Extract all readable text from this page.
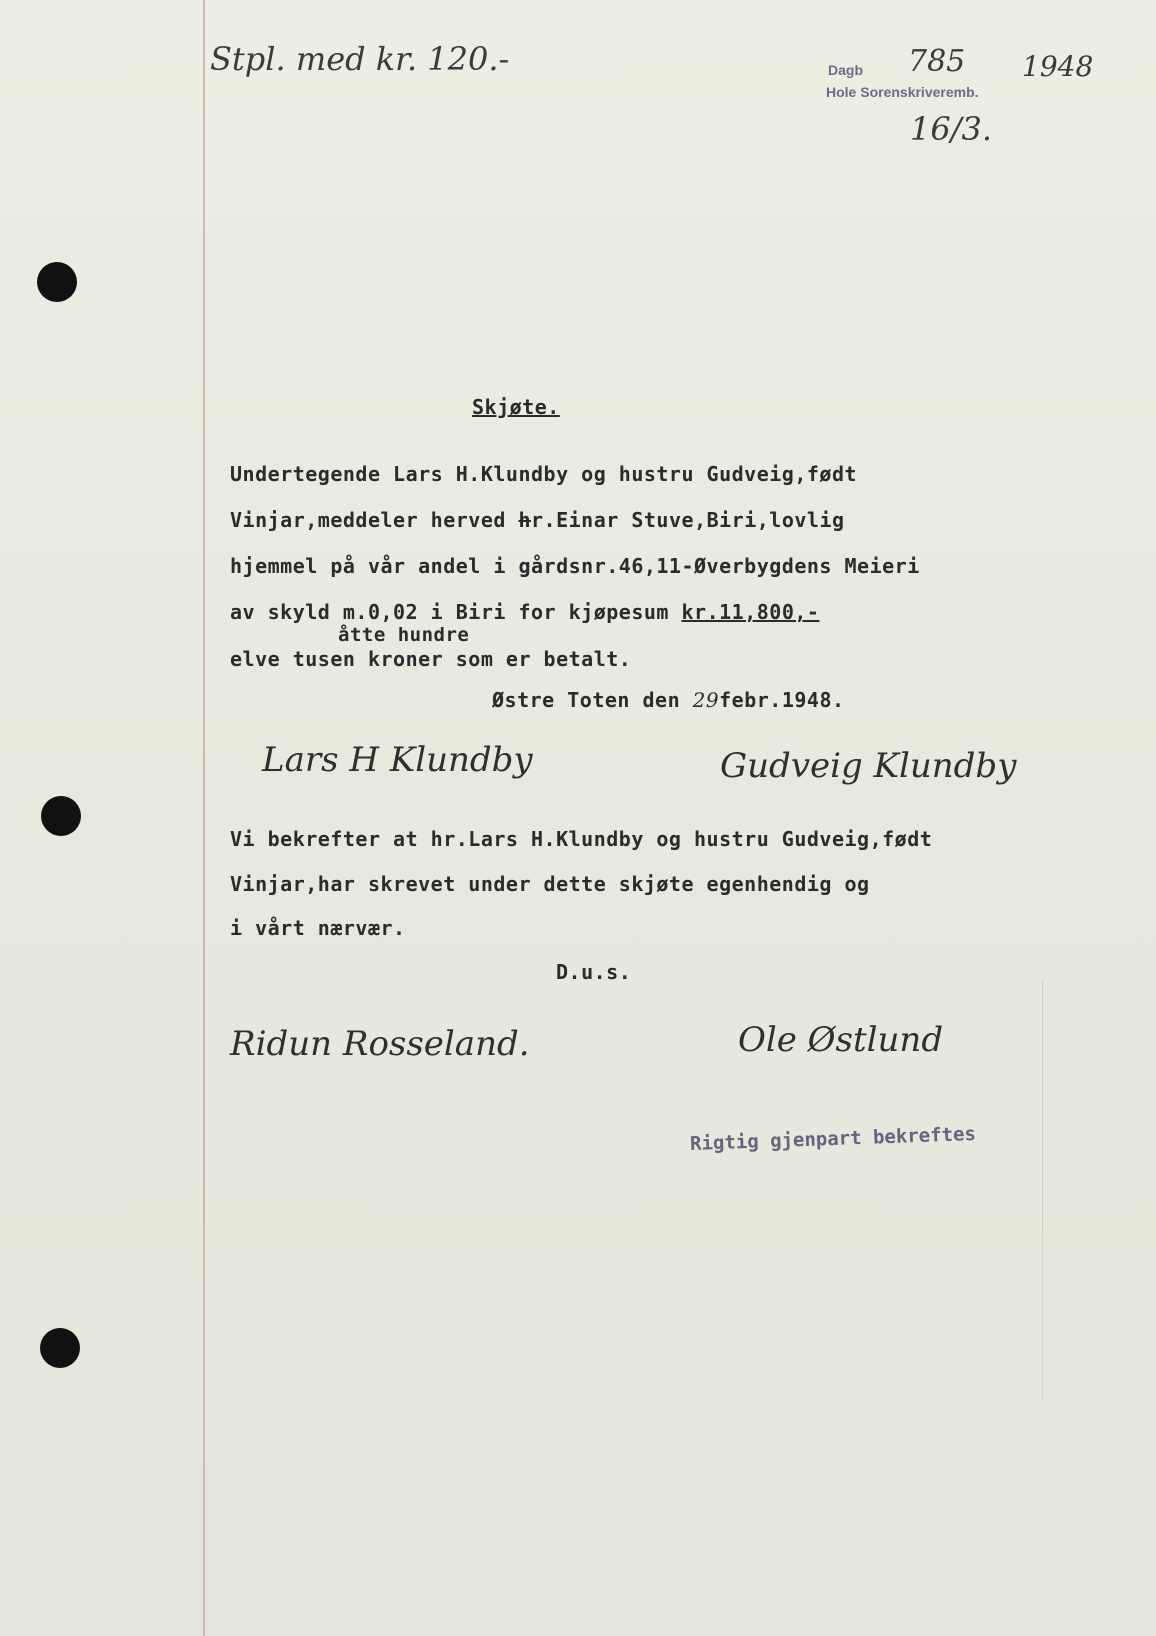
Stpl. med kr. 120.-	Dagb 785 1948
Hole Sorenskriveremb.
16/3.
Skjøte.
Undertegende Lars H.Klundby og hustru Gudveig,født
Vinjar,meddeler herved hr.Einar Stuve,Biri,lovlig
hjemmel på vår andel i gårdsnr.46,11-Øverbygdens Meieri
av skyld m.0,02 i Biri for kjøpesum kr.11,800,-
åtte hundre
elve tusen kroner som er betalt.
Østre Toten den 29febr.1948.
Lars H Klundby	Gudveig Klundby
Vi bekrefter at hr.Lars H.Klundby og hustru Gudveig,født
Vinjar,har skrevet under dette skjøte egenhendig og
i vårt nærvær.
D.u.s.
Ridun Rosseland.	Ole Østlund
Rigtig gjenpart bekreftes
